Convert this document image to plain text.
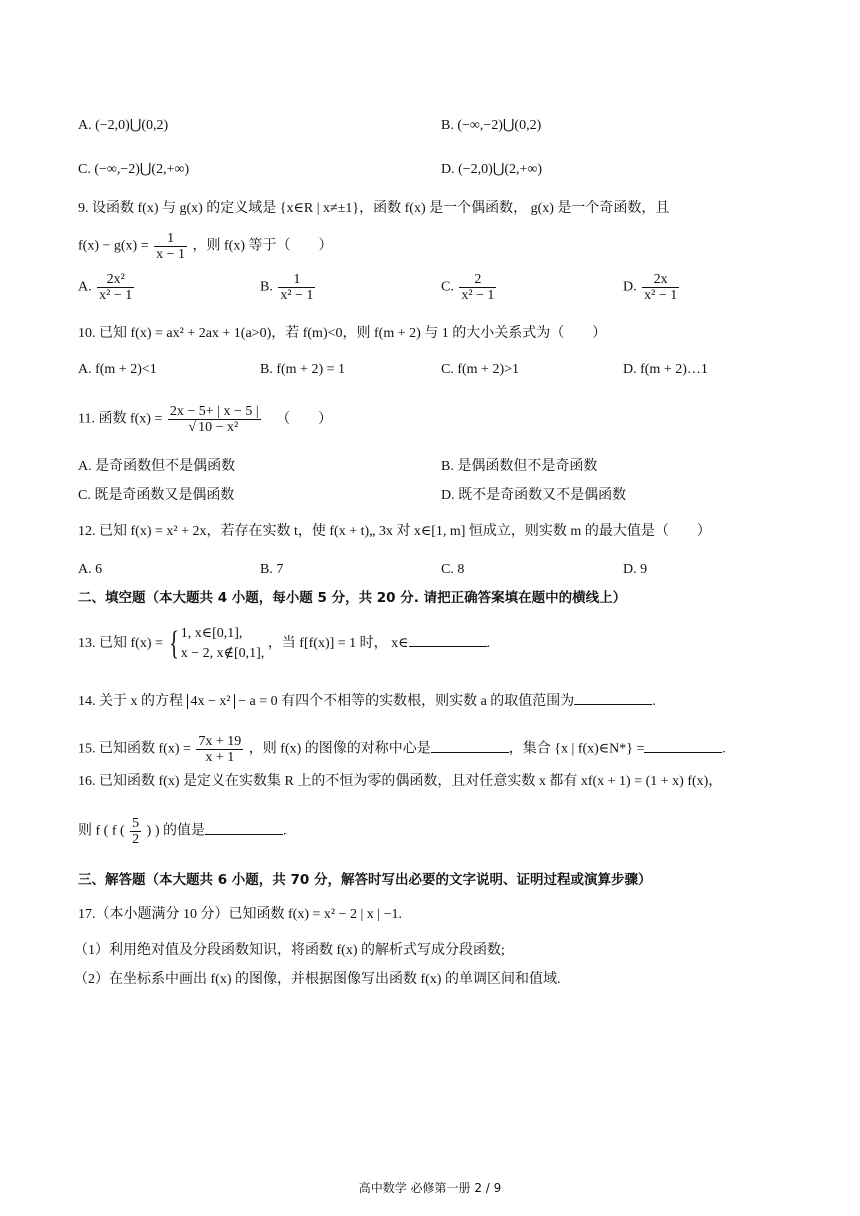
A. (−2,0)⋃(0,2)	B. (−∞,−2)⋃(0,2)
C. (−∞,−2)⋃(2,+∞)	D. (−2,0)⋃(2,+∞)
9. 设函数 f(x) 与 g(x) 的定义域是 {x∈R | x≠±1}，函数 f(x) 是一个偶函数， g(x) 是一个奇函数，且
$f(x) - g(x) = \frac{1}{x - 1}$ ，则 f(x) 等于（　　）
A. $\frac{\text{2x²}}{\text{x² − 1}}$	B. $\frac{1}{\text{x² − 1}}$	C. $\frac{2}{\text{x² − 1}}$	D. $\frac{2x}{\text{x² − 1}}$
10. 已知 f(x) = ax² + 2ax + 1(a>0)，若 f(m)<0，则 f(m + 2) 与 1 的大小关系式为（　　）
A. f(m + 2)<1	B. f(m + 2) = 1	C. f(m + 2)>1	D. f(m + 2)…1
11. 函数 $f(x) = \frac{2x - 5+ | x - 5 |}{\text{√ 10 − x²}}$ （　　）
A. 是奇函数但不是偶函数	B. 是偶函数但不是奇函数
C. 既是奇函数又是偶函数	D. 既不是奇函数又不是偶函数
12. 已知 f(x) = x² + 2x，若存在实数 t，使 f(x + t)„ 3x 对 x∈[1, m] 恒成立，则实数 m 的最大值是（　　）
A. 6	B. 7	C. 8	D. 9
二、填空题（本大题共 4 小题，每小题 5 分，共 20 分. 请把正确答案填在题中的横线上）
13. 已知 f(x) = { 1, x∈[0,1],
x − 2, x∉[0,1],
，当 f[f(x)] = 1 时， x∈	.
14. 关于 x 的方程 4x − x² − a = 0 有四个不相等的实数根，则实数 a 的取值范围为	.
15. 已知函数 $f(x) = \frac{7x + 19}{x + 1}$ ，则 f(x) 的图像的对称中心是	，集合 {x | f(x)∈N*} =	.
16. 已知函数 f(x) 是定义在实数集 R 上的不恒为零的偶函数，且对任意实数 x 都有 xf(x + 1) = (1 + x) f(x)，
则 f ( f ( $\frac{5}{2}$ ) ) 的值是	.
三、解答题（本大题共 6 小题，共 70 分，解答时写出必要的文字说明、证明过程或演算步骤）
17.（本小题满分 10 分）已知函数 f(x) = x² − 2 | x | −1.
（1）利用绝对值及分段函数知识，将函数 f(x) 的解析式写成分段函数;
（2）在坐标系中画出 f(x) 的图像，并根据图像写出函数 f(x) 的单调区间和值域.
高中数学 必修第一册 2 / 9
